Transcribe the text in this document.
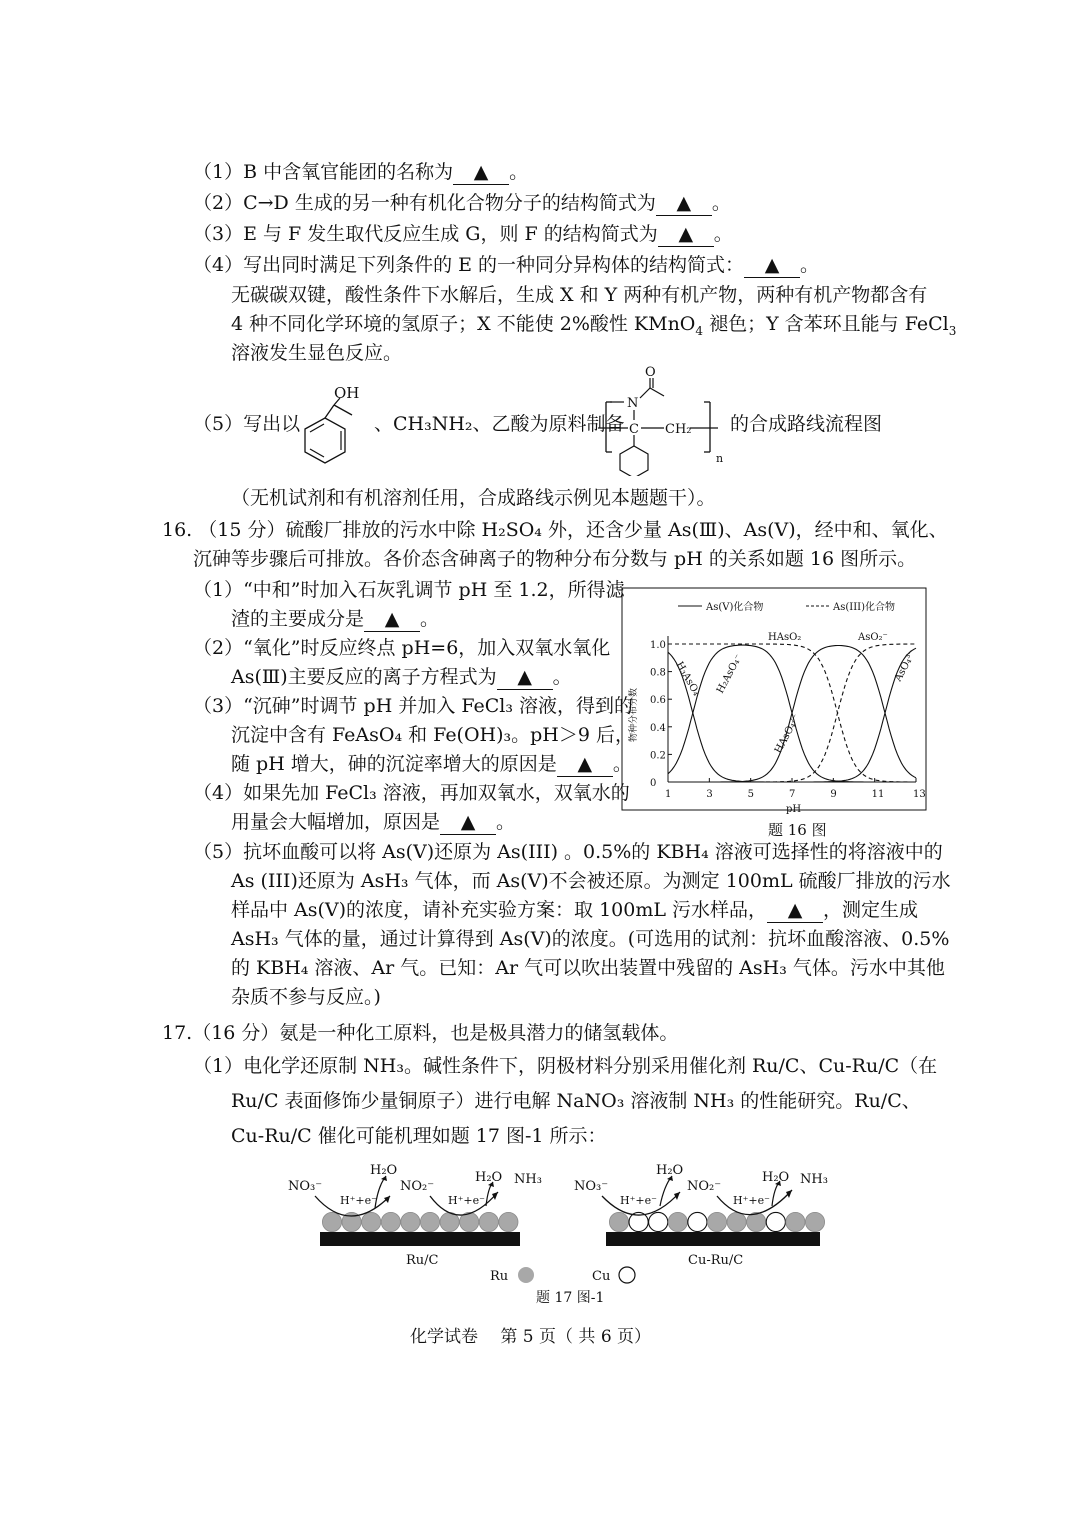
（1）B 中含氧官能团的名称为 ▲ 。
（2）C→D 生成的另一种有机化合物分子的结构简式为 ▲ 。
（3）E 与 F 发生取代反应生成 G，则 F 的结构简式为 ▲ 。
（4）写出同时满足下列条件的 E 的一种同分异构体的结构简式： ▲ 。
无碳碳双键，酸性条件下水解后，生成 X 和 Y 两种有机产物，两种有机产物都含有
4 种不同化学环境的氢原子；X 不能使 2%酸性 KMnO$_4$ 褪色；Y 含苯环且能与 FeCl$_3$
溶液发生显色反应。
（5）写出以
OH
、CH₃NH₂、乙酸为原料制备 C CH₂
N
O
n
的合成路线流程图
（无机试剂和有机溶剂任用，合成路线示例见本题题干）。
16. （15 分）硫酸厂排放的污水中除 H₂SO₄ 外，还含少量 As(Ⅲ)、As(Ⅴ)，经中和、氧化、
沉砷等步骤后可排放。各价态含砷离子的物种分布分数与 pH 的关系如题 16 图所示。
（1）“中和”时加入石灰乳调节 pH 至 1.2，所得滤
渣的主要成分是 ▲ 。
（2）“氧化”时反应终点 pH=6，加入双氧水氧化
As(Ⅲ)主要反应的离子方程式为 ▲ 。
（3）“沉砷”时调节 pH 并加入 FeCl₃ 溶液，得到的
沉淀中含有 FeAsO₄ 和 Fe(OH)₃。pH＞9 后，
随 pH 增大，砷的沉淀率增大的原因是 ▲ 。
（4）如果先加 FeCl₃ 溶液，再加双氧水，双氧水的
用量会大幅增加，原因是 ▲ 。
As(V)化合物	As(III)化合物
1	3	5	7	9	11	13
0
0.2
0.4
0.6
0.8
1.0
pH
物种分布分数
H₃AsO₄ H₂AsO₄⁻
HAsO₄²⁻
AsO₄³⁻
HAsO₂	AsO₂⁻
题 16 图
（5）抗坏血酸可以将 As(V)还原为 As(III) 。0.5%的 KBH₄ 溶液可选择性的将溶液中的
As (III)还原为 AsH₃ 气体，而 As(V)不会被还原。为测定 100mL 硫酸厂排放的污水
样品中 As(V)的浓度，请补充实验方案：取 100mL 污水样品， ▲ ，测定生成
AsH₃ 气体的量，通过计算得到 As(V)的浓度。(可选用的试剂：抗坏血酸溶液、0.5%
的 KBH₄ 溶液、Ar 气。已知：Ar 气可以吹出装置中残留的 AsH₃ 气体。污水中其他
杂质不参与反应。)
17.（16 分）氨是一种化工原料，也是极具潜力的储氢载体。
（1）电化学还原制 NH₃。碱性条件下，阴极材料分别采用催化剂 Ru/C、Cu-Ru/C（在
Ru/C 表面修饰少量铜原子）进行电解 NaNO₃ 溶液制 NH₃ 的性能研究。Ru/C、
Cu-Ru/C 催化可能机理如题 17 图-1 所示：
NO₃⁻
H⁺+e⁻
H₂O
NO₂⁻
H⁺+e⁻
H₂O NH₃
Ru/C
NO₃⁻
H⁺+e⁻
H₂O
NO₂⁻
H⁺+e⁻
H₂O NH₃
Cu-Ru/C
Ru	Cu
题 17 图-1
化学试卷　 第 5 页（ 共 6 页）
